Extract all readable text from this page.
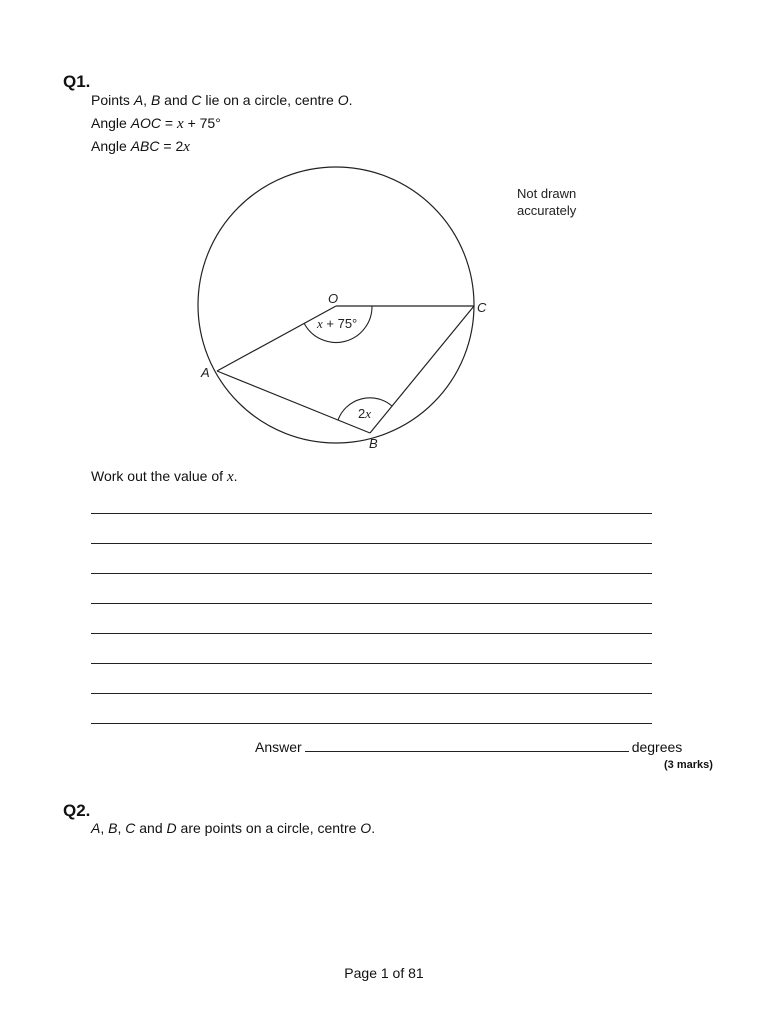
Q1.
Points A, B and C lie on a circle, centre O.
Angle AOC = x + 75°
Angle ABC = 2x
Not drawn
accurately
O
C
A
B
x + 75°
2x
Work out the value of x.
Answer	degrees
(3 marks)
Q2.
A, B, C and D are points on a circle, centre O.
Page 1 of 81
